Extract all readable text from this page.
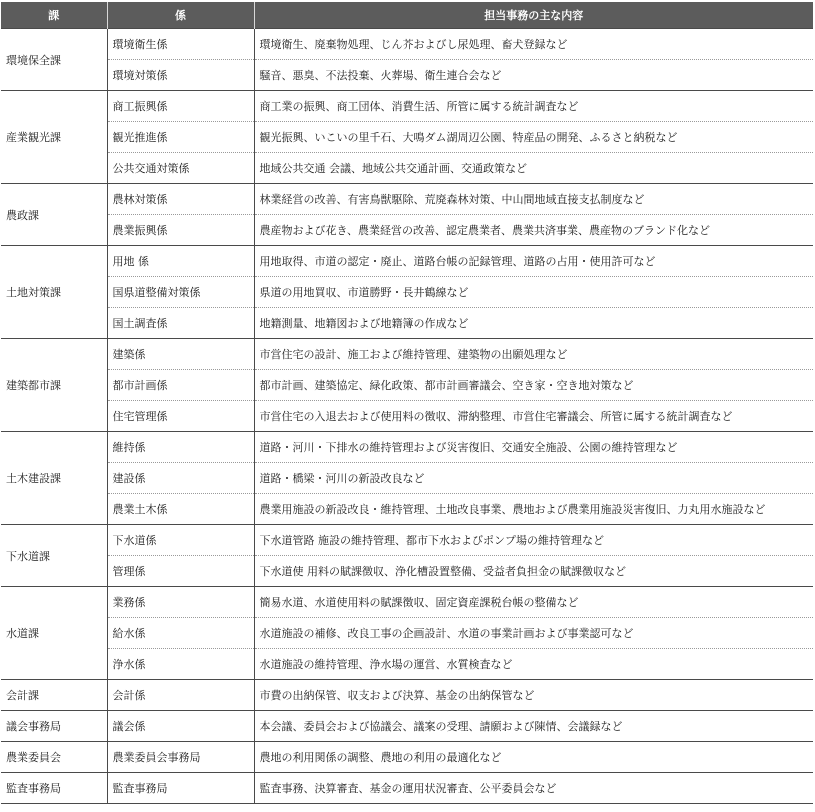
課	係	担当事務の主な内容
環境保全課	環境衛生係	環境衛生、廃棄物処理、じん芥およびし尿処理、畜犬登録など
	環境対策係	騒音、悪臭、不法投棄、火葬場、衛生連合会など
産業観光課	商工振興係	商工業の振興、商工団体、消費生活、所管に属する統計調査など
	観光推進係	観光振興、いこいの里千石、大鳴ダム湖周辺公園、特産品の開発、ふるさと納税など
	公共交通対策係	地域公共交通 会議、地域公共交通計画、交通政策など
農政課	農林対策係	林業経営の改善、有害鳥獣駆除、荒廃森林対策、中山間地域直接支払制度など
	農業振興係	農産物および花き、農業経営の改善、認定農業者、農業共済事業、農産物のブランド化など
土地対策課	用地 係	用地取得、市道の認定・廃止、道路台帳の記録管理、道路の占用・使用許可など
	国県道整備対策係	県道の用地買収、市道勝野・長井鶴線など
	国土調査係	地籍測量、地籍図および地籍簿の作成など
建築都市課	建築係	市営住宅の設計、施工および維持管理、建築物の出願処理など
	都市計画係	都市計画、建築協定、緑化政策、都市計画審議会、空き家・空き地対策など
	住宅管理係	市営住宅の入退去および使用料の徴収、滞納整理、市営住宅審議会、所管に属する統計調査など
土木建設課	維持係	道路・河川・下排水の維持管理および災害復旧、交通安全施設、公園の維持管理など
	建設係	道路・橋梁・河川の新設改良など
	農業土木係	農業用施設の新設改良・維持管理、土地改良事業、農地および農業用施設災害復旧、力丸用水施設など
下水道課	下水道係	下水道管路 施設の維持管理、都市下水およびポンプ場の維持管理など
	管理係	下水道使 用料の賦課徴収、浄化槽設置整備、受益者負担金の賦課徴収など
水道課	業務係	簡易水道、水道使用料の賦課徴収、固定資産課税台帳の整備など
	給水係	水道施設の補修、改良工事の企画設計、水道の事業計画および事業認可など
	浄水係	水道施設の維持管理、浄水場の運営、水質検査など
会計課	会計係	市費の出納保管、収支および決算、基金の出納保管など
議会事務局	議会係	本会議、委員会および協議会、議案の受理、請願および陳情、会議録など
農業委員会	農業委員会事務局	農地の利用関係の調整、農地の利用の最適化など
監査事務局	監査事務局	監査事務、決算審査、基金の運用状況審査、公平委員会など
